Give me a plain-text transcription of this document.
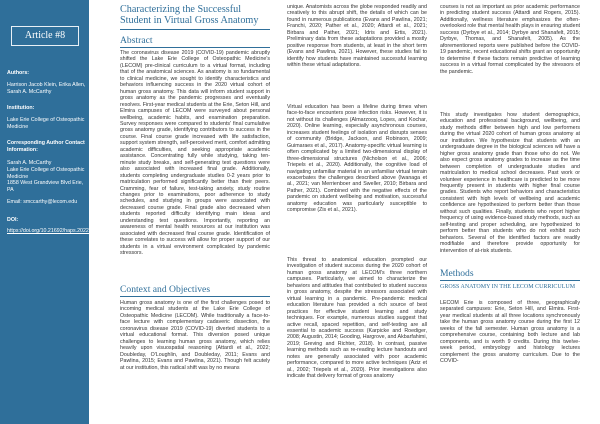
Article #8
Authors:
Harrison Jacob Klein, Erika Allen, Sarah A. McCarthy
Institution:
Lake Erie College of Osteopathic Medicine
Corresponding Author Contact Information:
Sarah A. McCarthy
Lake Erie College of Osteopathic Medicine
1858 West Grandview Blvd Erie, PA
Email: smccarthy@lecom.edu
DOI:
https://doi.org/10.21692/haps.2022.014
Characterizing the Successful Student in Virtual Gross Anatomy
Abstract

The coronavirus disease 2019 (COVID-19) pandemic abruptly shifted the Lake Erie College of Osteopathic Medicine's (LECOM) pre-clinical curriculum to a virtual format, including that of the anatomical sciences. As anatomy is so fundamental to clinical medicine, we sought to identify characteristics and behaviors influencing success in the 2020 virtual cohort of human gross anatomy. This data will inform student support in gross anatomy as the pandemic progresses and eventually resolves. First-year medical students at the Erie, Seton Hill, and Elmira campuses of LECOM were surveyed about personal wellbeing, academic habits, and examination preparation. Survey responses were compared to students' final cumulative gross anatomy grade, identifying contributors to success in the course. Final course grade increased with life satisfaction, support system strength, self-perceived merit, comfort admitting academic difficulties, and seeking appropriate academic assistance. Concentrating fully while studying, taking ten-minute study breaks, and self-generating test questions were also associated with increased final grade. Additionally, students completing undergraduate studies 0-2 years prior to matriculation performed significantly better than their peers. Cramming, fear of failure, test-taking anxiety, study routine changes prior to examinations, poor adherence to study schedules, and studying in groups were associated with decreased course grade. Final grade also decreased when students reported difficulty identifying main ideas and understanding test questions. Importantly, reporting an awareness of mental health resources at our institution was associated with decreased final course grade. Identification of these correlates to success will allow for proper support of our students in a virtual environment complicated by pandemic stressors.

Context and Objectives

Human gross anatomy is one of the first challenges posed to incoming medical students at the Lake Erie College of Osteopathic Medicine (LECOM). While traditionally a face-to-face lecture with complementary cadaveric dissection, the coronavirus disease 2019 (COVID-19) diverted students to a virtual educational format. This diversion posed unique challenges to learning human gross anatomy, which relies heavily upon visuospatial reasoning (Attardi et al., 2022; Doubleday, O'Loughlin, and Doubleday, 2011; Evans and Pawlina, 2015; Evans and Pawlina, 2021). Though felt acutely at our institution, this radical shift was by no means

unique. Anatomists across the globe responded readily and creatively to this abrupt shift, the details of which can be found in numerous publications (Evans and Pawlina, 2021; Franchi, 2020; Pather et al., 2020; Attardi et al., 2021; Birbara and Pather, 2021; Idris and Ertis, 2021). Preliminary data from these adaptations provided a mostly positive response from students, at least in the short term (Evans and Pawlina, 2021). However, these studies fail to identify how students have maintained successful learning within these virtual adaptations.

Virtual education has been a lifeline during times when face-to-face encounters pose infection risks. However, it is not without its challenges (Almarzooq, Lopes, and Kochar, 2020). Online learning, especially asynchronous courses, increases student feelings of isolation and disrupts senses of community (Bridge, Jackson, and Robinson, 2009; Guimaraes et al., 2017). Anatomy-specific virtual learning is often complicated by a limited two-dimensional display of three-dimensional structures (Nicholson et al., 2006; Triepels et al., 2020). Additionally, the cognitive load of navigating unfamiliar material in an unfamiliar virtual terrain exacerbates the challenges described above (Iwanaga et al., 2021; van Merrienboer and Sweller, 2010; Birbara and Pather, 2021). Combined with the negative effects of the pandemic on student wellbeing and motivation, successful anatomy education was particularly susceptible to compromise (Zis et al., 2021).

This threat to anatomical education prompted our investigation of student success during the 2020 cohort of human gross anatomy at LECOM's three northern campuses. Particularly, we aimed to characterize the behaviors and attitudes that contributed to student success in gross anatomy, despite the stressors associated with virtual learning in a pandemic. Pre-pandemic medical education literature has provided a rich source of best practices for effective student learning and study techniques. For example, numerous studies suggest that active recall, spaced repetition, and self-testing are all essential to academic success (Karpicke and Roediger, 2008; Augustin, 2014; Gooding, Hargrove, and Akbarfahimi, 2019; Greving and Richter, 2018). In contrast, passive learning methods such as re-reading lecture handouts and notes are generally associated with poor academic performance, compared to more active techniques (Aziz et al., 2002; Triepels et al., 2020). Prior investigations also indicate that delivery format of gross anatomy

courses is not as important as prior academic performance in predicting student success (Attardi and Rogers, 2015). Additionally, wellness literature emphasizes the often-overlooked role that mental health plays in ensuring student success (Dyrbye et al., 2014; Dyrbye and Shanafelt, 2015; Dyrbye, Thomas, and Shanafelt, 2005). As the aforementioned reports were published before the COVID-19 pandemic, recent educational shifts grant an opportunity to determine if these factors remain predictive of learning success in a virtual format complicated by the stressors of the pandemic.

This study investigates how student demographics, education and professional background, wellbeing, and study methods differ between high and low performers during the virtual 2020 cohort of human gross anatomy at our institution. We hypothesize that students with an undergraduate degree in the biological sciences will have a higher gross anatomy grade than those who do not. We also expect gross anatomy grades to increase as the time between completion of undergraduate studies and matriculation to medical school decreases. Past work or volunteer experience in healthcare is predicted to be more frequently present in students with higher final course grades. Students who report behaviors and characteristics consistent with high levels of wellbeing and academic confidence are hypothesized to perform better than those without such qualities. Finally, students who report higher frequency of using evidence-based study methods, such as self-testing and proper scheduling, are hypothesized to perform better than students who do not exhibit such behaviors. Several of the identified factors are readily modifiable and therefore provide opportunity for intervention of at-risk students.

Methods
GROSS ANATOMY IN THE LECOM CURRICULUM

LECOM Erie is composed of three, geographically separated campuses: Erie, Seton Hill, and Elmira. First-year medical students at all three locations synchronously take the human gross anatomy course during the first 12 weeks of the fall semester. Human gross anatomy is a comprehensive course, containing both lecture and lab components, and is worth 9 credits. During this twelve-week period, embryology and histology lectures complement the gross anatomy curriculum. Due to the COVID-
